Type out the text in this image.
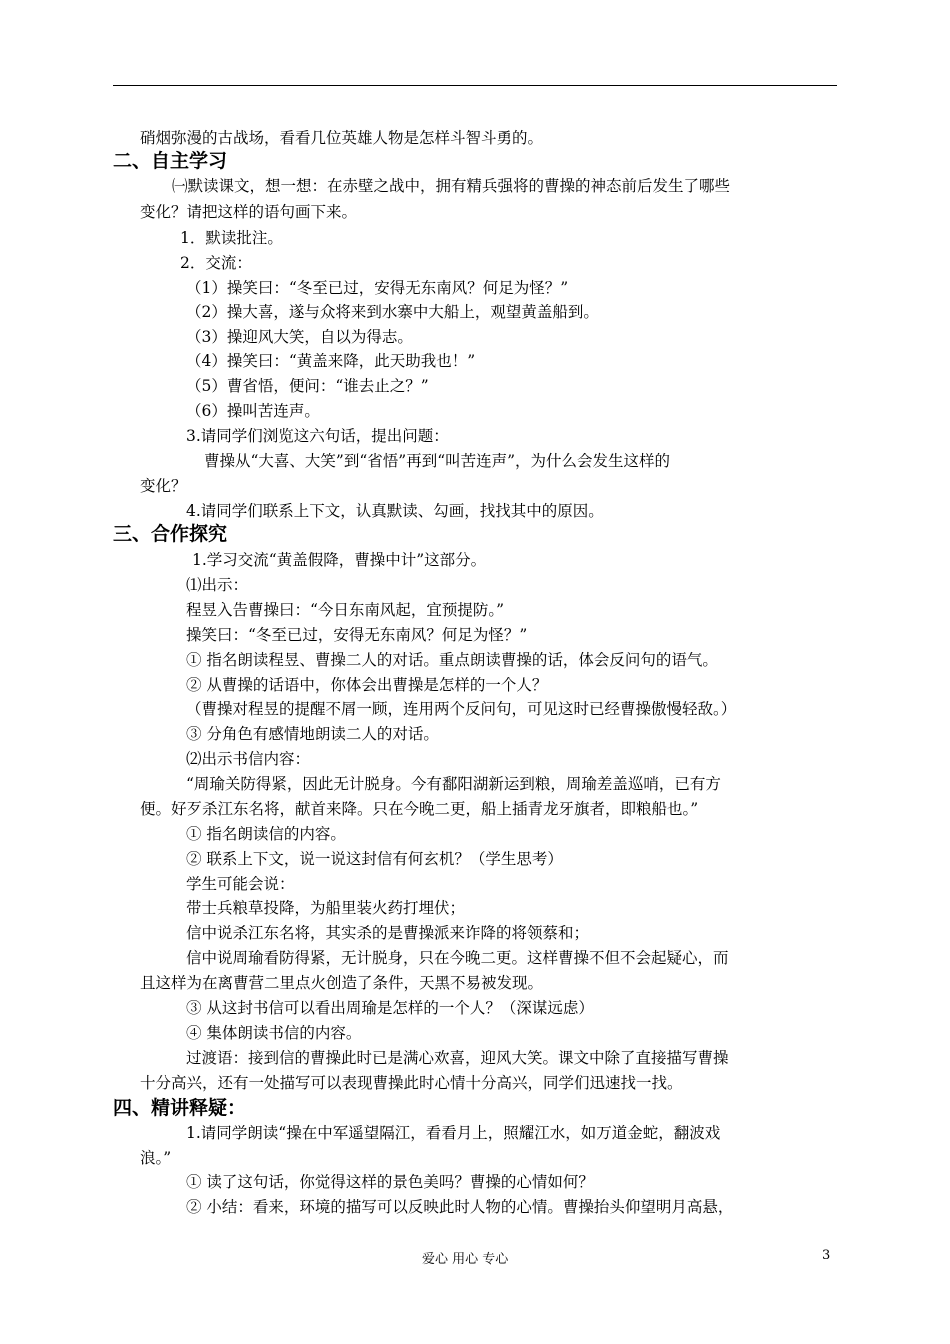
硝烟弥漫的古战场，看看几位英雄人物是怎样斗智斗勇的。
二、自主学习
㈠默读课文，想一想：在赤壁之战中，拥有精兵强将的曹操的神态前后发生了哪些
变化？请把这样的语句画下来。
1．默读批注。
2．交流：
（1）操笑曰：“冬至已过，安得无东南风？何足为怪？”
（2）操大喜，遂与众将来到水寨中大船上，观望黄盖船到。
（3）操迎风大笑，自以为得志。
（4）操笑曰：“黄盖来降，此天助我也！”
（5）曹省悟，便问：“谁去止之？”
（6）操叫苦连声。
3.请同学们浏览这六句话，提出问题：
曹操从“大喜、大笑”到“省悟”再到“叫苦连声”，为什么会发生这样的
变化？
4.请同学们联系上下文，认真默读、勾画，找找其中的原因。
三、合作探究
1.学习交流“黄盖假降，曹操中计”这部分。
⑴出示：
程昱入告曹操曰：“今日东南风起，宜预提防。”
操笑曰：“冬至已过，安得无东南风？何足为怪？”
① 指名朗读程昱、曹操二人的对话。重点朗读曹操的话，体会反问句的语气。
② 从曹操的话语中，你体会出曹操是怎样的一个人？
（曹操对程昱的提醒不屑一顾，连用两个反问句，可见这时已经曹操傲慢轻敌。）
③ 分角色有感情地朗读二人的对话。
⑵出示书信内容：
“周瑜关防得紧，因此无计脱身。今有鄱阳湖新运到粮，周瑜差盖巡哨，已有方
便。好歹杀江东名将，献首来降。只在今晚二更，船上插青龙牙旗者，即粮船也。”
① 指名朗读信的内容。
② 联系上下文，说一说这封信有何玄机？（学生思考）
学生可能会说：
带士兵粮草投降，为船里装火药打埋伏；
信中说杀江东名将，其实杀的是曹操派来诈降的将领蔡和；
信中说周瑜看防得紧，无计脱身，只在今晚二更。这样曹操不但不会起疑心，而
且这样为在离曹营二里点火创造了条件，天黑不易被发现。
③ 从这封书信可以看出周瑜是怎样的一个人？（深谋远虑）
④ 集体朗读书信的内容。
过渡语：接到信的曹操此时已是满心欢喜，迎风大笑。课文中除了直接描写曹操
十分高兴，还有一处描写可以表现曹操此时心情十分高兴，同学们迅速找一找。
四、精讲释疑：
1.请同学朗读“操在中军遥望隔江，看看月上，照耀江水，如万道金蛇，翻波戏
浪。”
① 读了这句话，你觉得这样的景色美吗？曹操的心情如何？
② 小结：看来，环境的描写可以反映此时人物的心情。曹操抬头仰望明月高悬，
爱心 用心 专心	3
